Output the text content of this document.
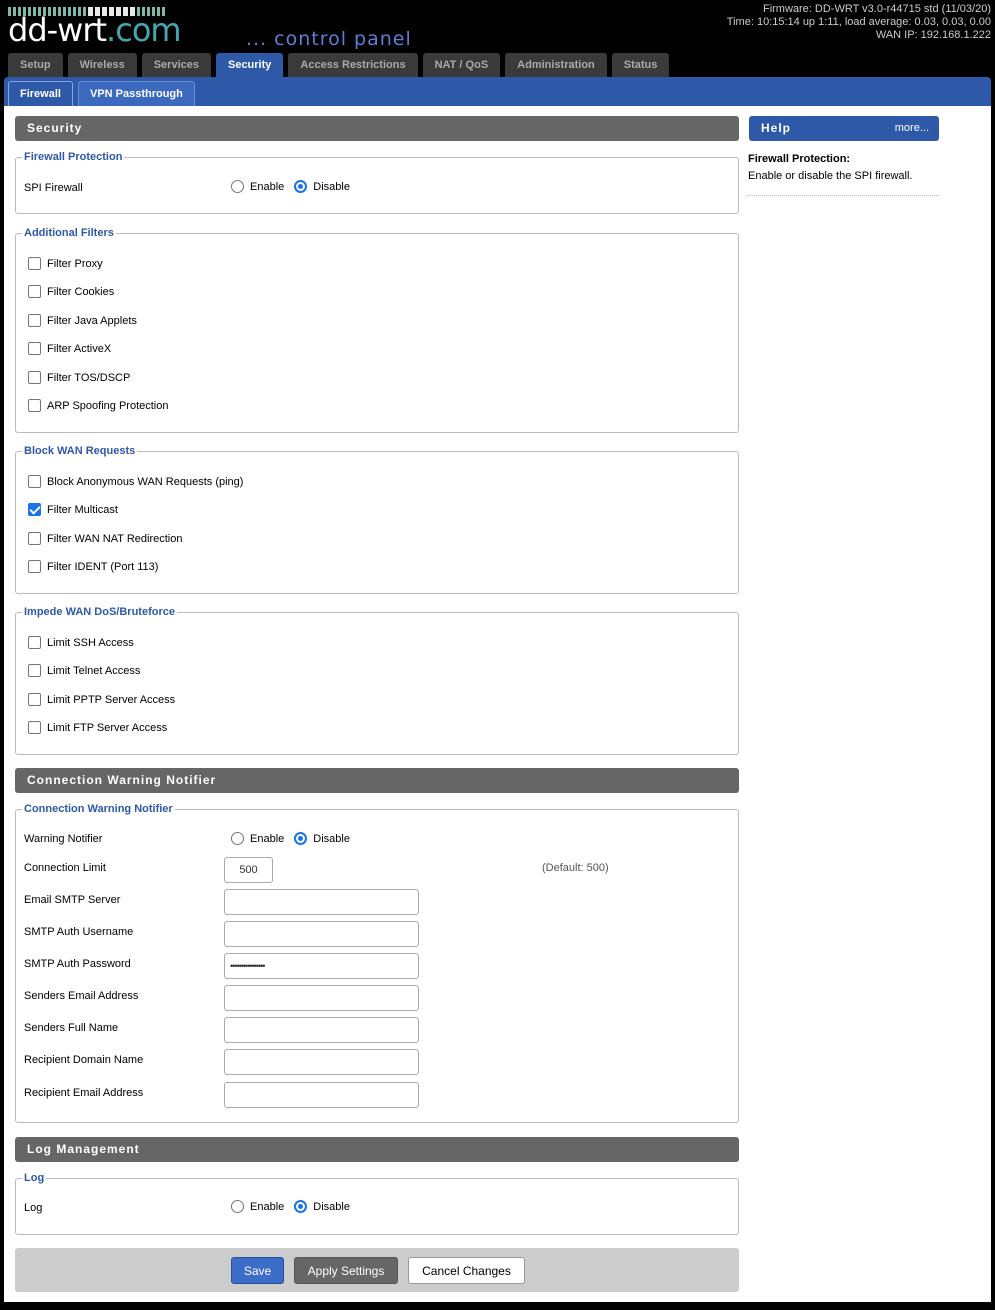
dd-wrt.com	... control panel
Firmware: DD-WRT v3.0-r44715 std (11/03/20)
Time: 10:15:14 up 1:11, load average: 0.03, 0.03, 0.00
WAN IP: 192.168.1.222
Setup	Wireless	Services	Security	Access Restrictions	NAT / QoS	Administration	Status
Firewall	VPN Passthrough
Security
Firewall Protection
SPI Firewall	Enable	Disable
Additional Filters
Filter Proxy
Filter Cookies
Filter Java Applets
Filter ActiveX
Filter TOS/DSCP
ARP Spoofing Protection
Block WAN Requests
Block Anonymous WAN Requests (ping)
Filter Multicast
Filter WAN NAT Redirection
Filter IDENT (Port 113)
Impede WAN DoS/Bruteforce
Limit SSH Access
Limit Telnet Access
Limit PPTP Server Access
Limit FTP Server Access
Connection Warning Notifier
Connection Warning Notifier
Warning Notifier	Enable	Disable
Connection Limit	500	(Default: 500)
Email SMTP Server
SMTP Auth Username
SMTP Auth Password	••••••••••••••••
Senders Email Address
Senders Full Name
Recipient Domain Name
Recipient Email Address
Log Management
Log
Log	Enable	Disable
Save	Apply Settings	Cancel Changes
Help	more...
Firewall Protection:
Enable or disable the SPI firewall.
